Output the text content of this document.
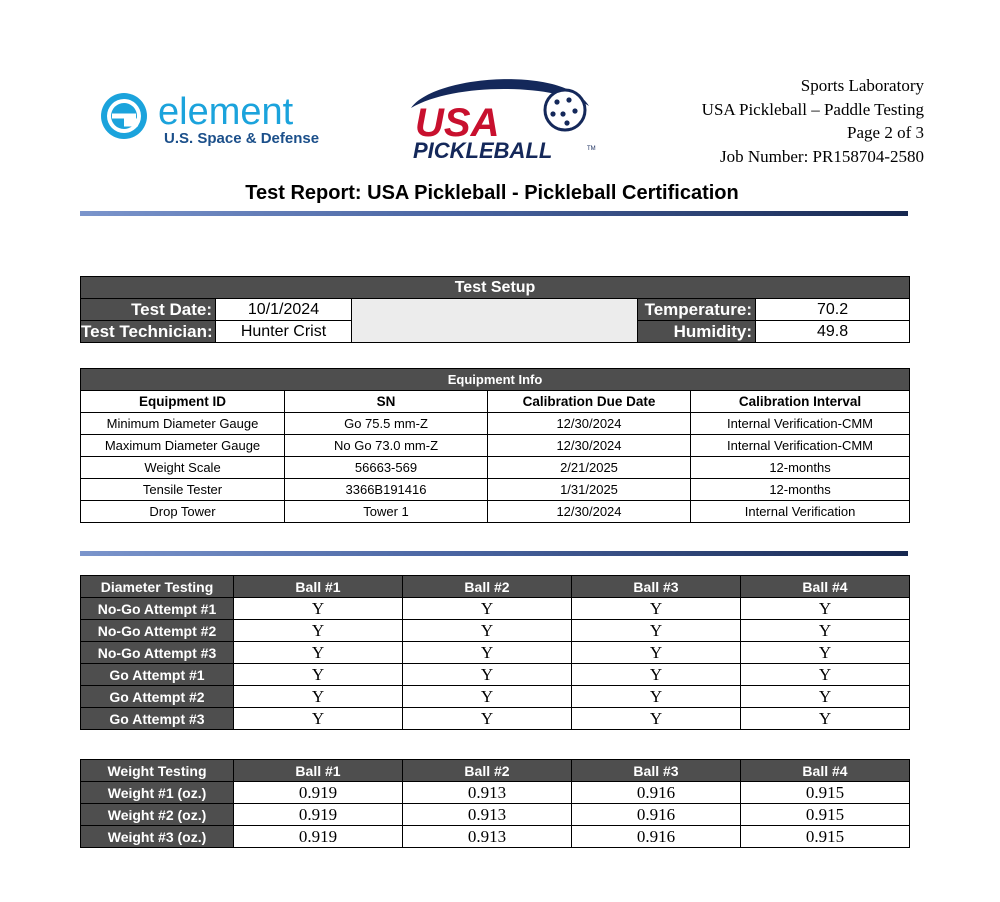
element
U.S. Space & Defense USA
PICKLEBALL	TM
Sports Laboratory
USA Pickleball – Paddle Testing
Page 2 of 3
Job Number: PR158704-2580
Test Report: USA Pickleball - Pickleball Certification
Test Setup				
Test Date:	10/1/2024		Temperature:	70.2
Test Technician:	Hunter Crist		Humidity:	49.8
Equipment Info			
Equipment ID	SN	Calibration Due Date	Calibration Interval
Minimum Diameter Gauge	Go 75.5 mm-Z	12/30/2024	Internal Verification-CMM
Maximum Diameter Gauge	No Go 73.0 mm-Z	12/30/2024	Internal Verification-CMM
Weight Scale	56663-569	2/21/2025	12-months
Tensile Tester	3366B191416	1/31/2025	12-months
Drop Tower	Tower 1	12/30/2024	Internal Verification
Diameter Testing	Ball #1	Ball #2	Ball #3	Ball #4
No-Go Attempt #1	Y	Y	Y	Y
No-Go Attempt #2	Y	Y	Y	Y
No-Go Attempt #3	Y	Y	Y	Y
Go Attempt #1	Y	Y	Y	Y
Go Attempt #2	Y	Y	Y	Y
Go Attempt #3	Y	Y	Y	Y
Weight Testing	Ball #1	Ball #2	Ball #3	Ball #4
Weight #1 (oz.)	0.919	0.913	0.916	0.915
Weight #2 (oz.)	0.919	0.913	0.916	0.915
Weight #3 (oz.)	0.919	0.913	0.916	0.915
